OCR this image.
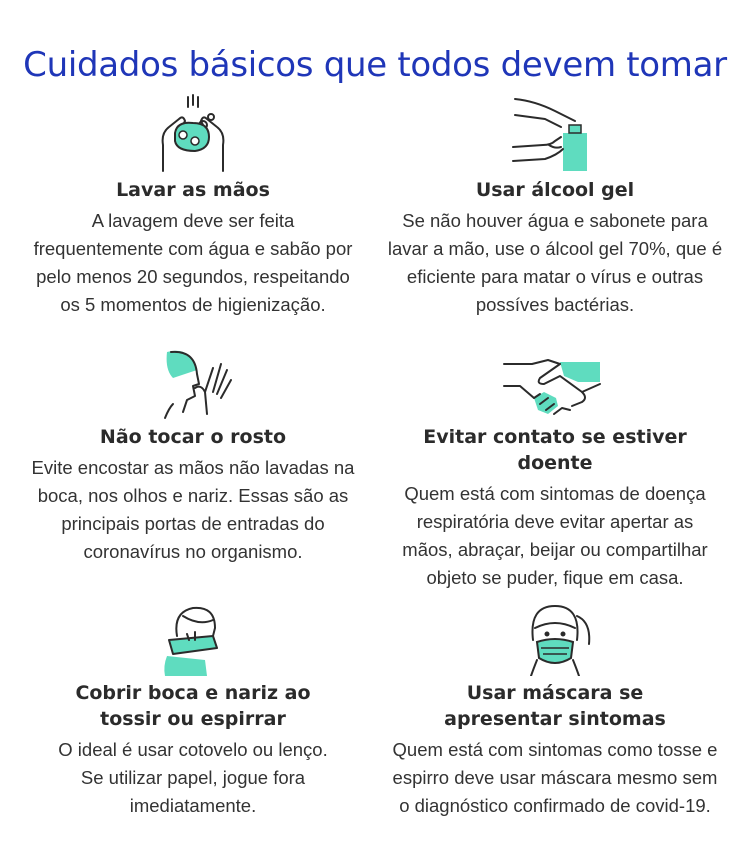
Cuidados básicos que todos devem tomar
Lavar as mãos
A lavagem deve ser feita
frequentemente com água e sabão por
pelo menos 20 segundos, respeitando
os 5 momentos de higienização.
Usar álcool gel
Se não houver água e sabonete para
lavar a mão, use o álcool gel 70%, que é
eficiente para matar o vírus e outras
possíves bactérias.
Não tocar o rosto
Evite encostar as mãos não lavadas na
boca, nos olhos e nariz. Essas são as
principais portas de entradas do
coronavírus no organismo.
Evitar contato se estiver doente
Quem está com sintomas de doença
respiratória deve evitar apertar as
mãos, abraçar, beijar ou compartilhar
objeto se puder, fique em casa.
Cobrir boca e nariz ao
tossir ou espirrar
O ideal é usar cotovelo ou lenço.
Se utilizar papel, jogue fora
imediatamente.
Usar máscara se
apresentar sintomas
Quem está com sintomas como tosse e
espirro deve usar máscara mesmo sem
o diagnóstico confirmado de covid-19.
